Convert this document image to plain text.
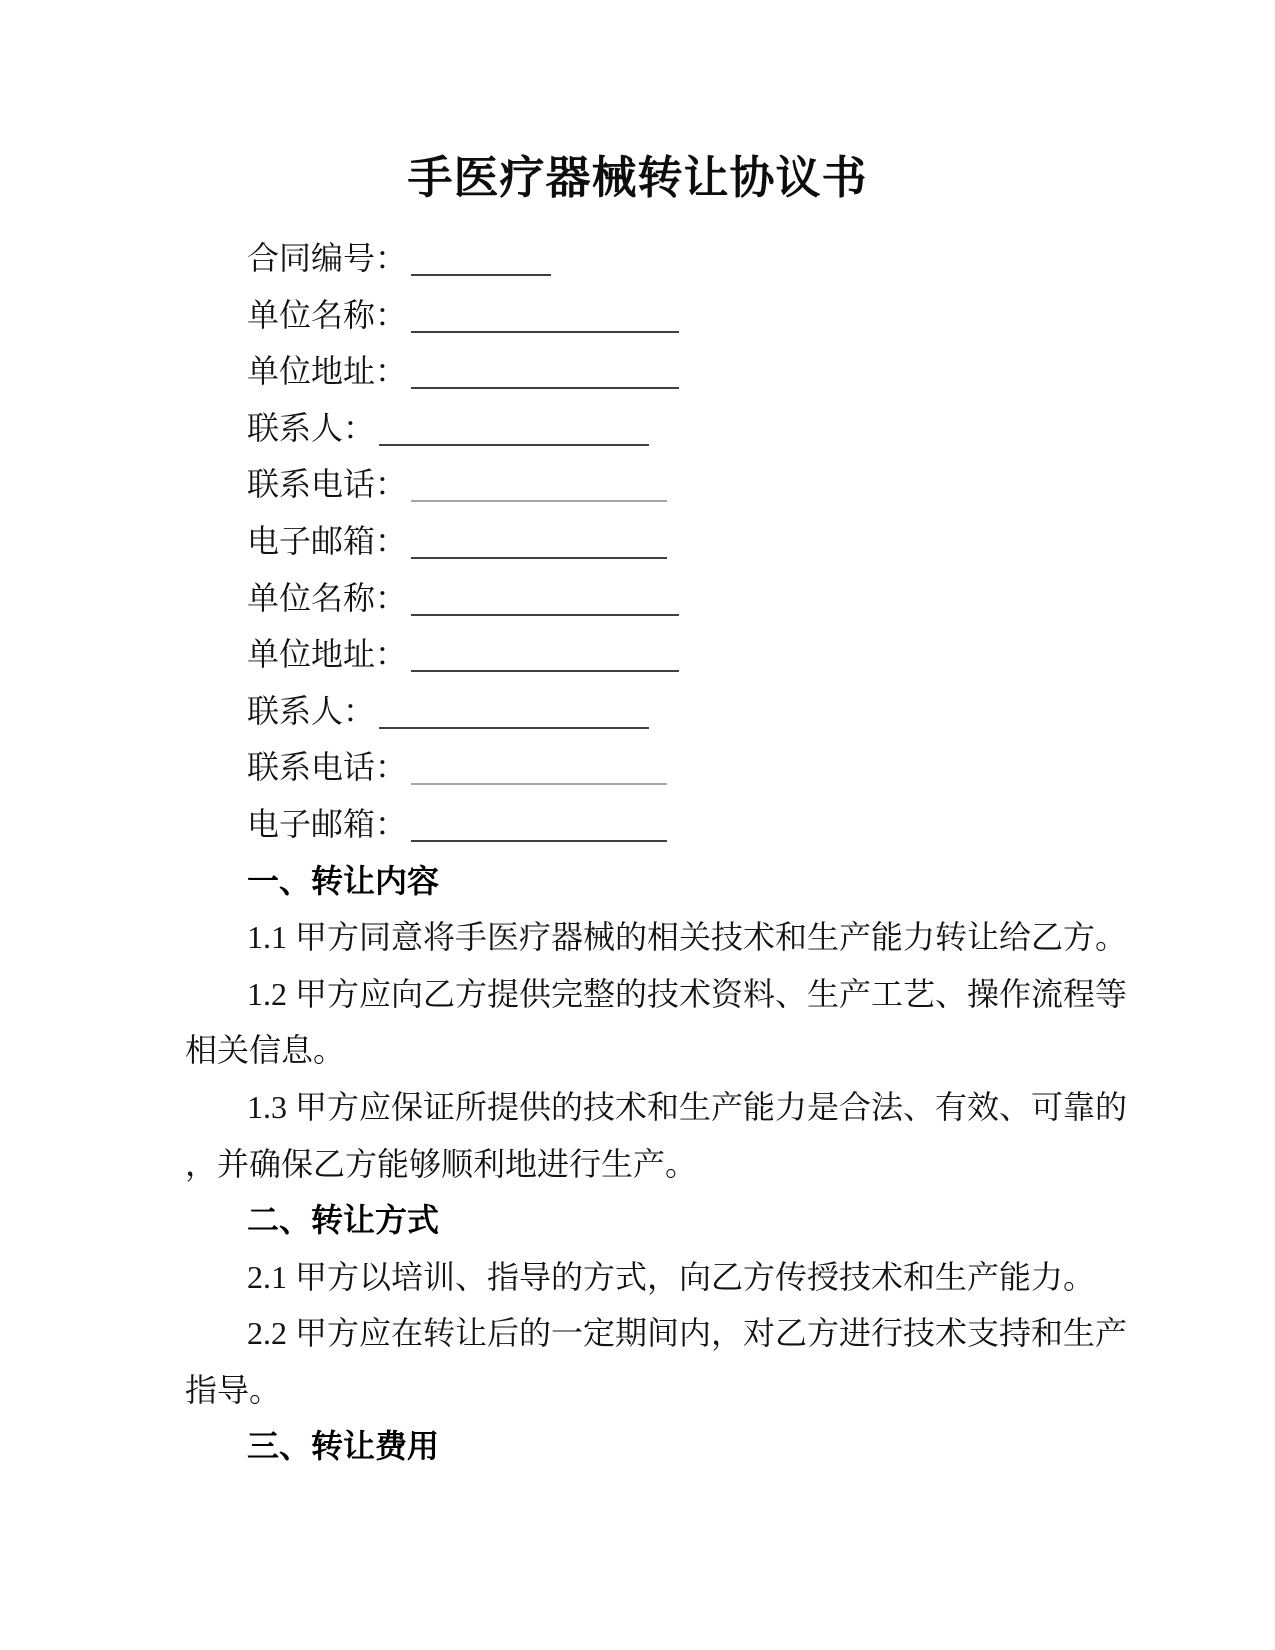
手医疗器械转让协议书
合同编号：
单位名称：
单位地址：
联系人：
联系电话：
电子邮箱：
单位名称：
单位地址：
联系人：
联系电话：
电子邮箱：
一、转让内容
1.1 甲方同意将手医疗器械的相关技术和生产能力转让给乙方。
1.2 甲方应向乙方提供完整的技术资料、生产工艺、操作流程等
相关信息。
1.3 甲方应保证所提供的技术和生产能力是合法、有效、可靠的
，并确保乙方能够顺利地进行生产。
二、转让方式
2.1 甲方以培训、指导的方式，向乙方传授技术和生产能力。
2.2 甲方应在转让后的一定期间内，对乙方进行技术支持和生产
指导。
三、转让费用
